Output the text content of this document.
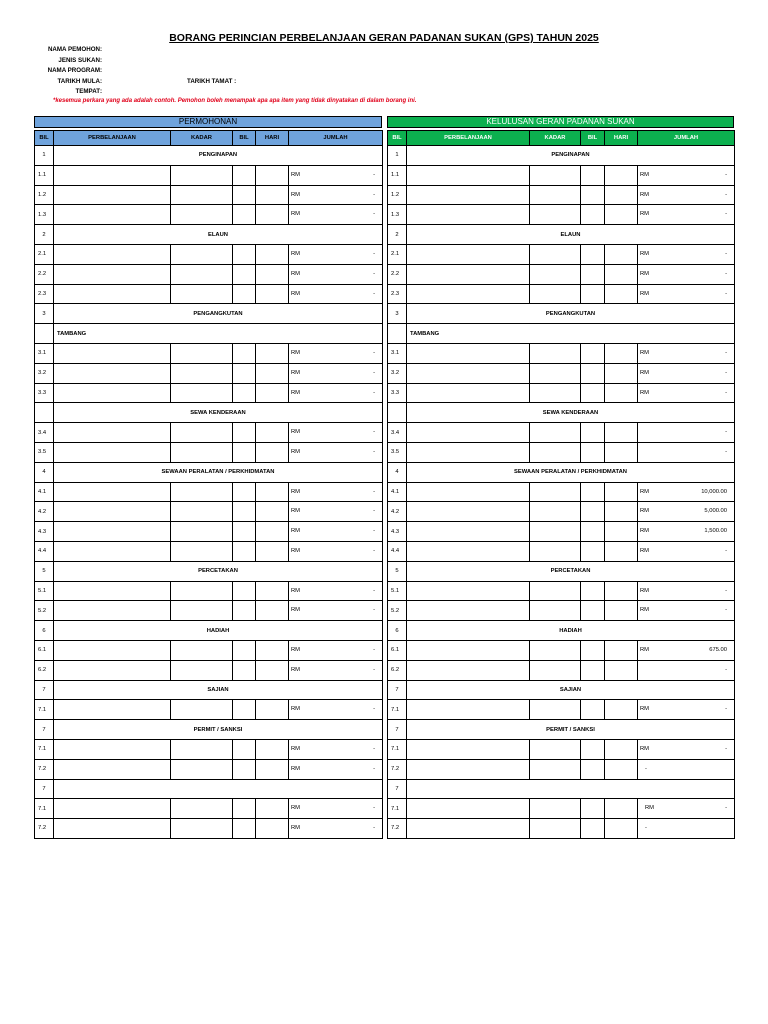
BORANG PERINCIAN PERBELANJAAN GERAN PADANAN SUKAN (GPS) TAHUN 2025
NAMA PEMOHON :
JENIS SUKAN :
NAMA PROGRAM :
TARIKH MULA :	TARIKH TAMAT :
TEMPAT :
*kesemua perkara yang ada adalah contoh. Pemohon boleh menampak apa apa item yang tidak dinyatakan di dalam borang ini.
PERMOHONAN	KELULUSAN GERAN PADANAN SUKAN
BIL	PERBELANJAAN	KADAR	BIL	HARI	JUMLAH
1	PENGINAPAN				
1.1					RM -

1.2					RM -

1.3					RM -

2	ELAUN				
2.1					RM -

2.2					RM -

2.3					RM -

3	PENGANGKUTAN				
	TAMBANG				
3.1					RM -

3.2					RM -

3.3					RM -

	SEWA KENDERAAN				
3.4					RM -

3.5					RM -

4	SEWAAN PERALATAN / PERKHIDMATAN				
4.1					RM -

4.2					RM -

4.3					RM -

4.4					RM -

5	PERCETAKAN				
5.1					RM -

5.2					RM -

6	HADIAH				
6.1					RM -

6.2					RM -

7	SAJIAN				
7.1					RM -

7	PERMIT / SANKSI				
7.1					RM -

7.2					RM -

7					
7.1					RM -

7.2					RM -
BIL	PERBELANJAAN	KADAR	BIL	HARI	JUMLAH
1	PENGINAPAN				
1.1					RM -

1.2					RM -

1.3					RM -

2	ELAUN				
2.1					RM -

2.2					RM -

2.3					RM -

3	PENGANGKUTAN				
	TAMBANG				
3.1					RM -

3.2					RM -

3.3					RM -

	SEWA KENDERAAN				
3.4					-

3.5					-

4	SEWAAN PERALATAN / PERKHIDMATAN				
4.1					RM 10,000.00

4.2					RM 5,000.00

4.3					RM 1,500.00

4.4					RM -

5	PERCETAKAN				
5.1					RM -

5.2					RM -

6	HADIAH				
6.1					RM 675.00

6.2					-

7	SAJIAN				
7.1					RM -

7	PERMIT / SANKSI				
7.1					RM -

7.2					-

7					
7.1					RM -

7.2					-
